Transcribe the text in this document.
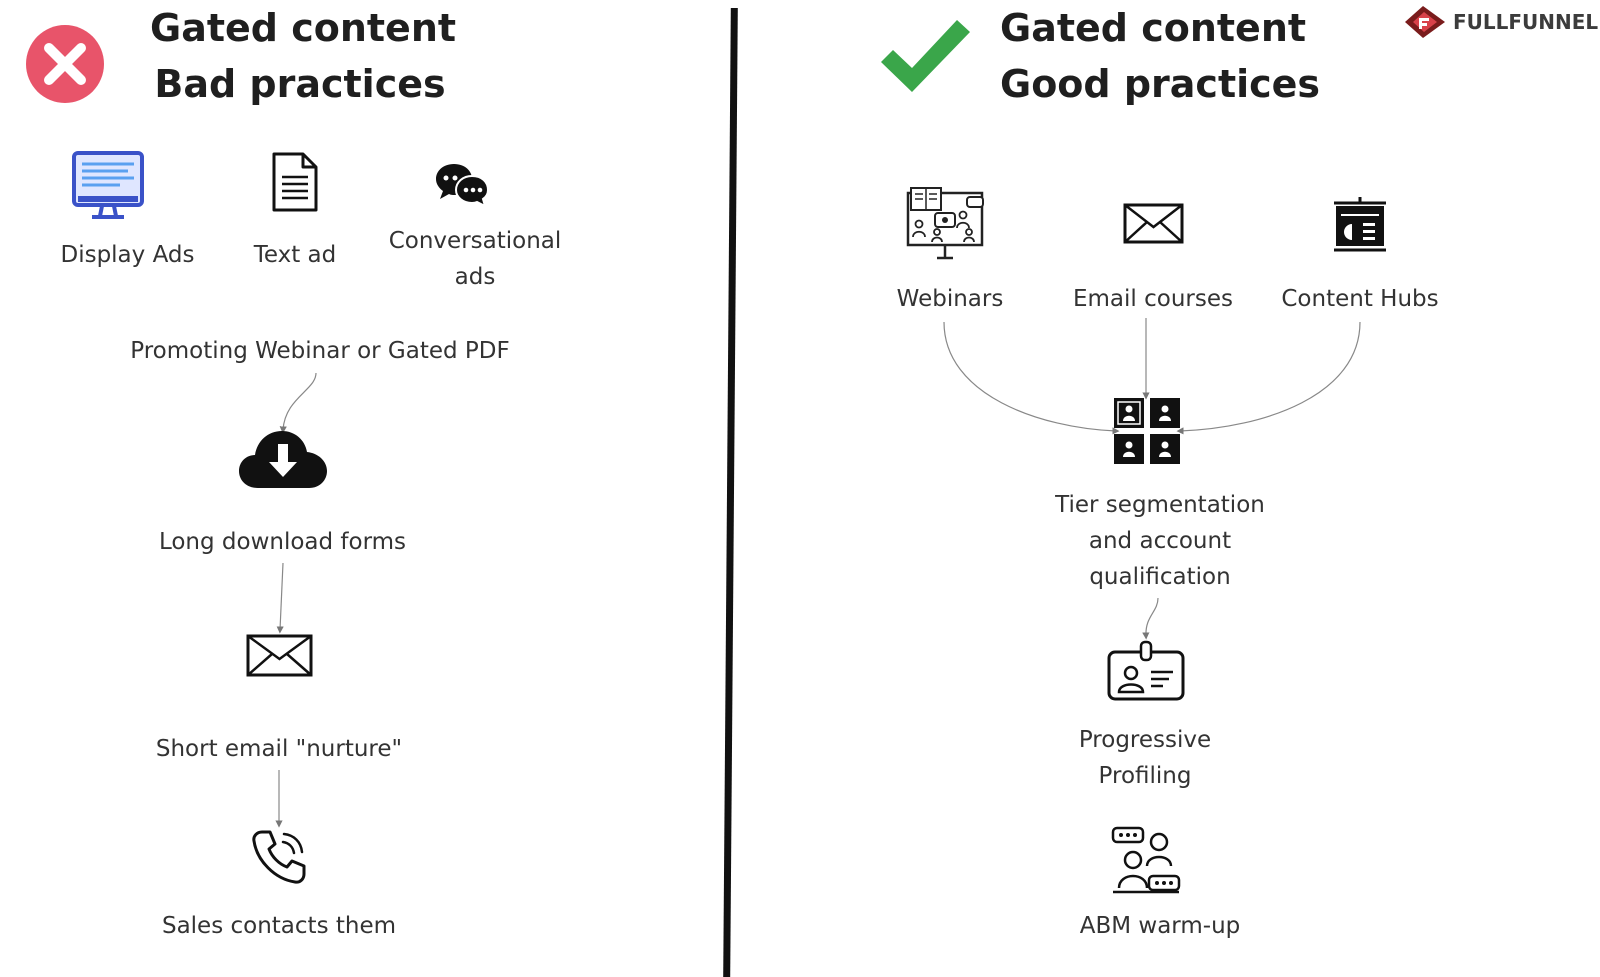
Gated content
Bad practices
Display Ads	Text ad
Conversational
ads
Promoting Webinar or Gated PDF
Long download forms
Short email "nurture"
Sales contacts them
Gated content
Good practices
FULLFUNNEL
Webinars	Email courses	Content Hubs
Tier segmentation
and account
qualification
Progressive
Profiling
ABM warm-up
